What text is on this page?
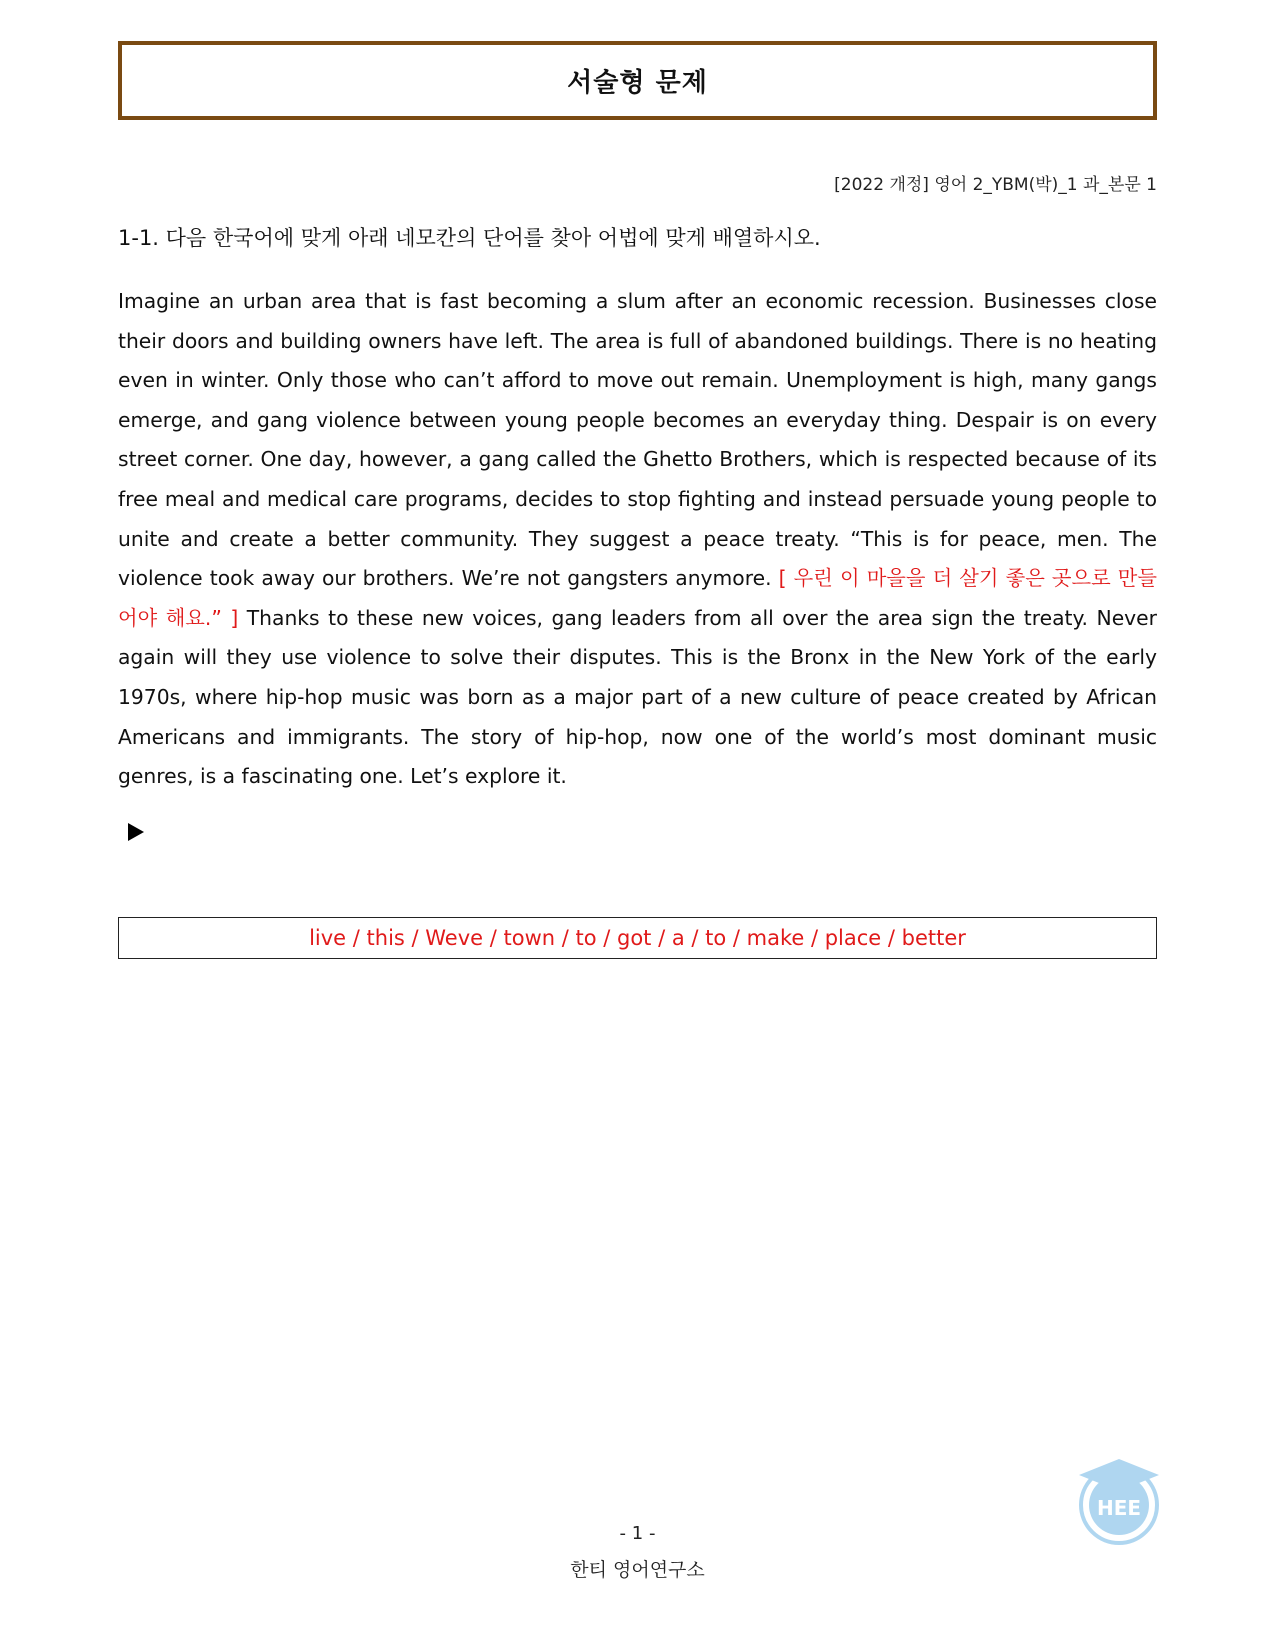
서술형 문제
[2022 개정] 영어 2_YBM(박)_1 과_본문 1
1-1. 다음 한국어에 맞게 아래 네모칸의 단어를 찾아 어법에 맞게 배열하시오.
Imagine an urban area that is fast becoming a slum after an economic recession. Businesses close their doors and building owners have left. The area is full of abandoned buildings. There is no heating even in winter. Only those who can’t afford to move out remain. Unemployment is high, many gangs emerge, and gang violence between young people becomes an everyday thing. Despair is on every street corner. One day, however, a gang called the Ghetto Brothers, which is respected because of its free meal and medical care programs, decides to stop fighting and instead persuade young people to unite and create a better community. They suggest a peace treaty. “This is for peace, men. The violence took away our brothers. We’re not gangsters anymore. [ 우린 이 마을을 더 살기 좋은 곳으로 만들어야 해요.” ] Thanks to these new voices, gang leaders from all over the area sign the treaty. Never again will they use violence to solve their disputes. This is the Bronx in the New York of the early 1970s, where hip-hop music was born as a major part of a new culture of peace created by African Americans and immigrants. The story of hip-hop, now one of the world’s most dominant music genres, is a fascinating one. Let’s explore it.
live / this / Weve / town / to / got / a / to / make / place / better
HEE
- 1 -
한티 영어연구소
